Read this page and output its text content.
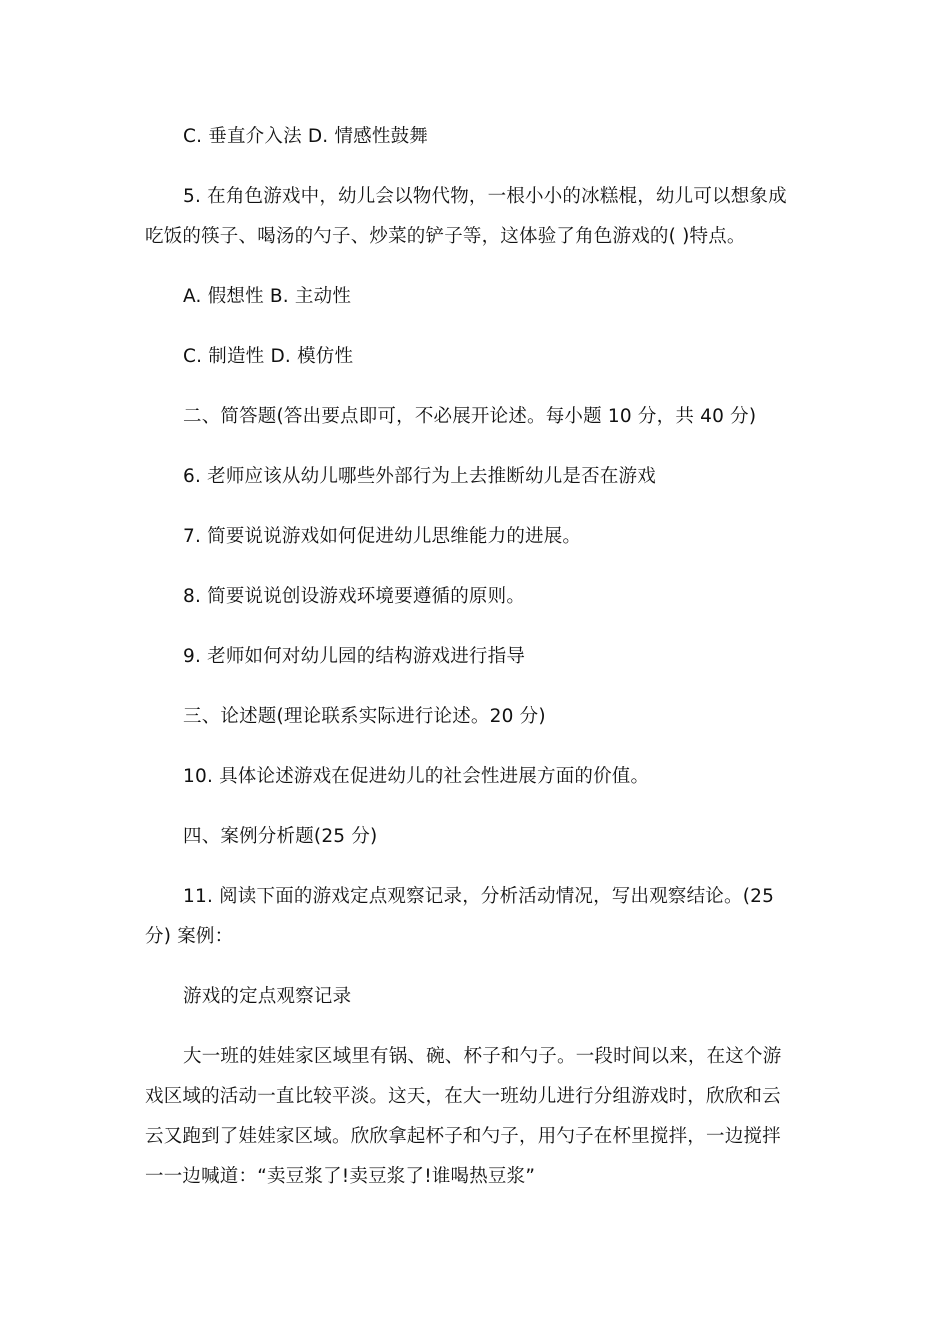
C. 垂直介入法 D. 情感性鼓舞
5. 在角色游戏中，幼儿会以物代物，一根小小的冰糕棍，幼儿可以想象成
吃饭的筷子、喝汤的勺子、炒菜的铲子等，这体验了角色游戏的( )特点。
A. 假想性 B. 主动性
C. 制造性 D. 模仿性
二、简答题(答出要点即可，不必展开论述。每小题 10 分，共 40 分)
6. 老师应该从幼儿哪些外部行为上去推断幼儿是否在游戏
7. 简要说说游戏如何促进幼儿思维能力的进展。
8. 简要说说创设游戏环境要遵循的原则。
9. 老师如何对幼儿园的结构游戏进行指导
三、论述题(理论联系实际进行论述。20 分)
10. 具体论述游戏在促进幼儿的社会性进展方面的价值。
四、案例分析题(25 分)
11. 阅读下面的游戏定点观察记录，分析活动情况，写出观察结论。(25
分) 案例：
游戏的定点观察记录
大一班的娃娃家区域里有锅、碗、杯子和勺子。一段时间以来，在这个游
戏区域的活动一直比较平淡。这天，在大一班幼儿进行分组游戏时，欣欣和云
云又跑到了娃娃家区域。欣欣拿起杯子和勺子，用勺子在杯里搅拌，一边搅拌
一一边喊道：“卖豆浆了!卖豆浆了!谁喝热豆浆”
